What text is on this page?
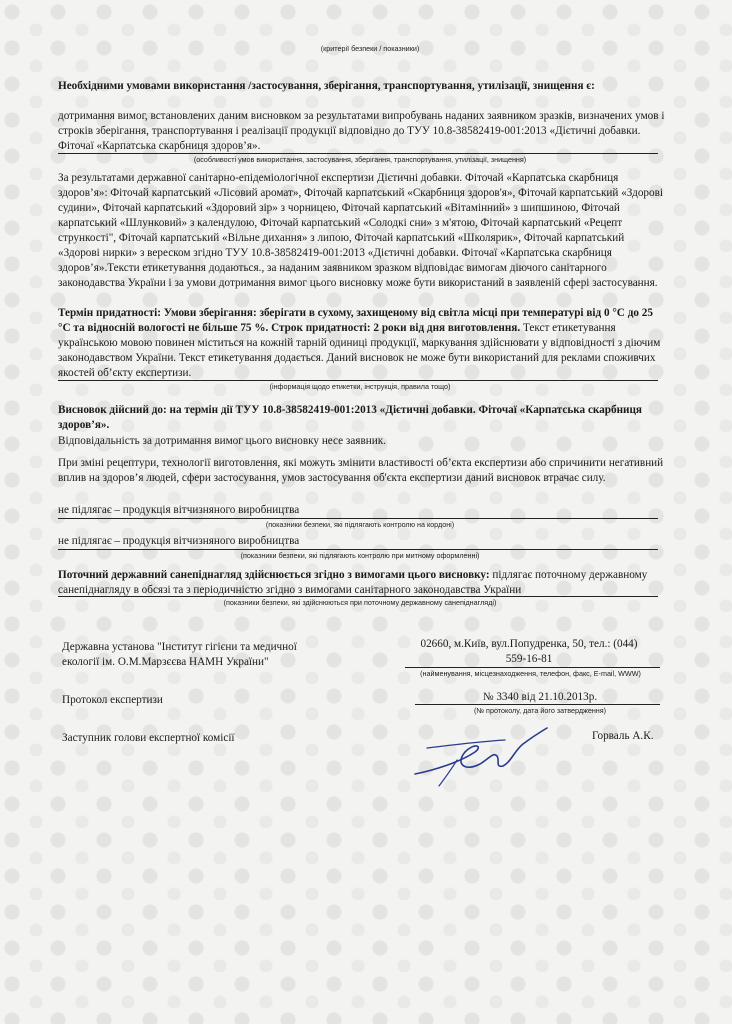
(критерії безпеки / показники)
Необхідними умовами використання /застосування, зберігання, транспортування, утилізації, знищення є:
дотримання вимог, встановлених даним висновком за результатами випробувань наданих заявником зразків, визначених умов і строків зберігання, транспортування і реалізації продукції відповідно до ТУУ 10.8-38582419-001:2013 «Дієтичні добавки. Фіточаї «Карпатська скарбниця здоров’я».
(особливості умов використання, застосування, зберігання, транспортування, утилізації, знищення)
За результатами державної санітарно-епідеміологічної експертизи Дієтичні добавки. Фіточай «Карпатська скарбниця здоров’я»: Фіточай карпатський «Лісовий аромат», Фіточай карпатський «Скарбниця здоров'я», Фіточай карпатський «Здорові судини», Фіточай карпатський «Здоровий зір» з чорницею, Фіточай карпатський «Вітамінний» з шипшиною, Фіточай карпатський «Шлунковий» з календулою, Фіточай карпатський «Солодкі сни» з м'ятою, Фіточай карпатський «Рецепт стрункості", Фіточай карпатський «Вільне дихання» з липою, Фіточай карпатський «Школярик», Фіточай карпатський «Здорові нирки» з вереском згідно ТУУ 10.8-38582419-001:2013 «Дієтичні добавки. Фіточаї «Карпатська скарбниця здоров’я».Тексти етикетування додаються., за наданим заявником зразком відповідає вимогам діючого санітарного законодавства України і за умови дотримання вимог цього висновку може бути використаний в заявленій сфері застосування.
Термін придатності: Умови зберігання: зберігати в сухому, захищеному від світла місці при температурі від 0 °С до 25 °С та відносній вологості не більше 75 %. Строк придатності: 2 роки від дня виготовлення. Текст етикетування українською мовою повинен міститься на кожній тарній одиниці продукції, маркування здійснювати у відповідності з діючим законодавством України. Текст етикетування додається. Даний висновок не може бути використаний для реклами споживчих якостей об’єкту експертизи.
(інформація щодо етикетки, інструкція, правила тощо)
Висновок дійсний до: на термін дії ТУУ 10.8-38582419-001:2013 «Дієтичні добавки. Фіточаї «Карпатська скарбниця здоров’я».
Відповідальність за дотримання вимог цього висновку несе заявник.
При зміні рецептури, технології виготовлення, які можуть змінити властивості об’єкта експертизи або спричинити негативний вплив на здоров’я людей, сфери застосування, умов застосування об'єкта експертизи даний висновок втрачає силу.
не підлягає – продукція вітчизняного виробництва
(показники безпеки, які підлягають контролю на кордоні)
не підлягає – продукція вітчизняного виробництва
(показники безпеки, які підлягають контролю при митному оформленні)
Поточний державний санепіднагляд здійснюється згідно з вимогами цього висновку: підлягає поточному державному санепіднагляду в обсязі та з періодичністю згідно з вимогами санітарного законодавства України
(показники безпеки, які здійснюються при поточному державному санепіднагляді)
Державна установа "Інститут гігієни та медичної
екології ім. О.М.Марзєєва НАМН України"
02660, м.Київ, вул.Попудренка, 50, тел.: (044)
559-16-81
(найменування, місцезнаходження, телефон, факс, E-mail, WWW)
Протокол експертизи	№ 3340 від 21.10.2013р.
(№ протоколу, дата його затвердження)
Заступник голови експертної комісії	Горваль А.К.
